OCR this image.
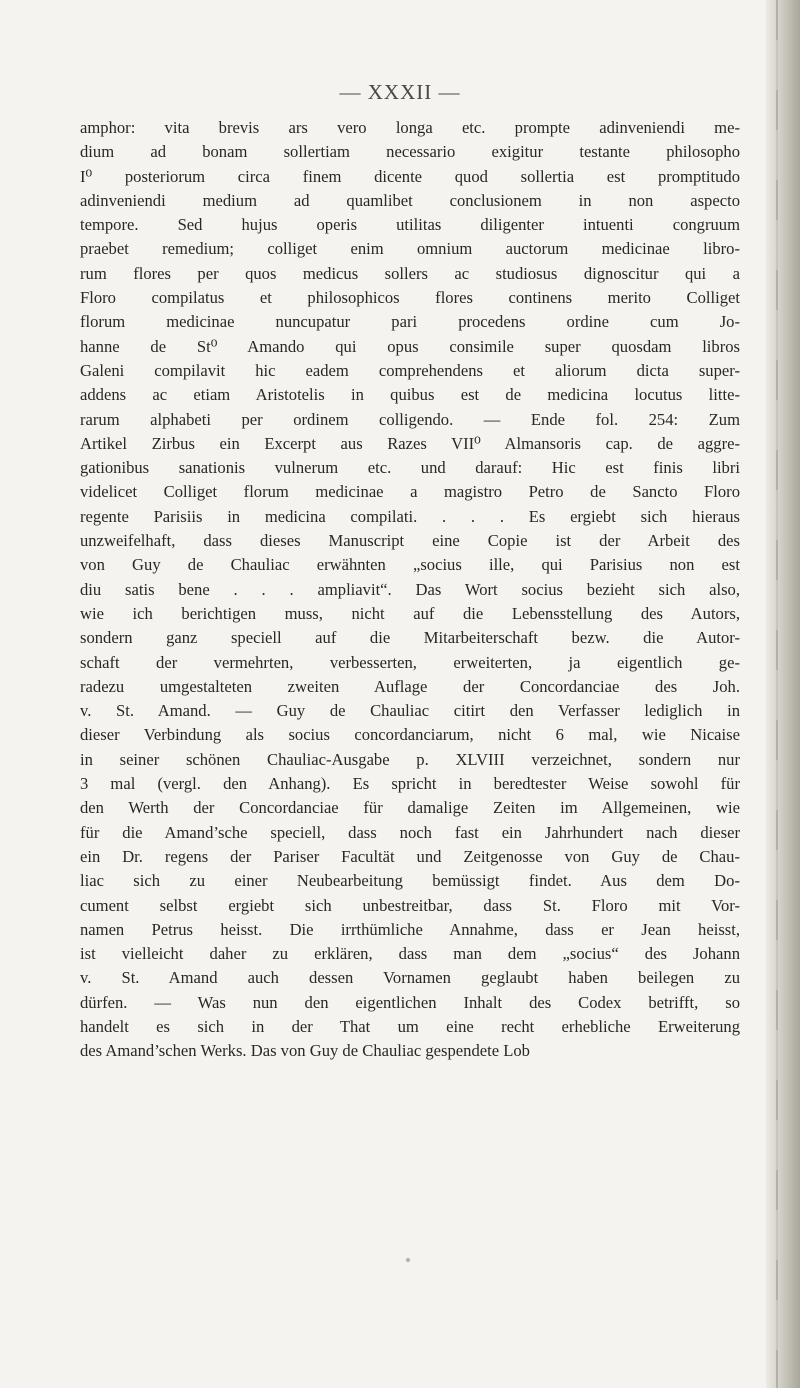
— XXXII —
amphor: vita brevis ars vero longa etc. prompte adinveniendi me-
dium ad bonam sollertiam necessario exigitur testante philosopho
I⁰ posteriorum circa finem dicente quod sollertia est promptitudo
adinveniendi medium ad quamlibet conclusionem in non aspecto
tempore. Sed hujus operis utilitas diligenter intuenti congruum
praebet remedium; colliget enim omnium auctorum medicinae libro-
rum flores per quos medicus sollers ac studiosus dignoscitur qui a
Floro compilatus et philosophicos flores continens merito Colliget
florum medicinae nuncupatur pari procedens ordine cum Jo-
hanne de St⁰ Amando qui opus consimile super quosdam libros
Galeni compilavit hic eadem comprehendens et aliorum dicta super-
addens ac etiam Aristotelis in quibus est de medicina locutus litte-
rarum alphabeti per ordinem colligendo. — Ende fol. 254: Zum
Artikel Zirbus ein Excerpt aus Razes VII⁰ Almansoris cap. de aggre-
gationibus sanationis vulnerum etc. und darauf: Hic est finis libri
videlicet Colliget florum medicinae a magistro Petro de Sancto Floro
regente Parisiis in medicina compilati. . . . Es ergiebt sich hieraus
unzweifelhaft, dass dieses Manuscript eine Copie ist der Arbeit des
von Guy de Chauliac erwähnten „socius ille, qui Parisius non est
diu satis bene . . . ampliavit“. Das Wort socius bezieht sich also,
wie ich berichtigen muss, nicht auf die Lebensstellung des Autors,
sondern ganz speciell auf die Mitarbeiterschaft bezw. die Autor-
schaft der vermehrten, verbesserten, erweiterten, ja eigentlich ge-
radezu umgestalteten zweiten Auflage der Concordanciae des Joh.
v. St. Amand. — Guy de Chauliac citirt den Verfasser lediglich in
dieser Verbindung als socius concordanciarum, nicht 6 mal, wie Nicaise
in seiner schönen Chauliac-Ausgabe p. XLVIII verzeichnet, sondern nur
3 mal (vergl. den Anhang). Es spricht in beredtester Weise sowohl für
den Werth der Concordanciae für damalige Zeiten im Allgemeinen, wie
für die Amand’sche speciell, dass noch fast ein Jahrhundert nach dieser
ein Dr. regens der Pariser Facultät und Zeitgenosse von Guy de Chau-
liac sich zu einer Neubearbeitung bemüssigt findet. Aus dem Do-
cument selbst ergiebt sich unbestreitbar, dass St. Floro mit Vor-
namen Petrus heisst. Die irrthümliche Annahme, dass er Jean heisst,
ist vielleicht daher zu erklären, dass man dem „socius“ des Johann
v. St. Amand auch dessen Vornamen geglaubt haben beilegen zu
dürfen. — Was nun den eigentlichen Inhalt des Codex betrifft, so
handelt es sich in der That um eine recht erhebliche Erweiterung
des Amand’schen Werks. Das von Guy de Chauliac gespendete Lob
